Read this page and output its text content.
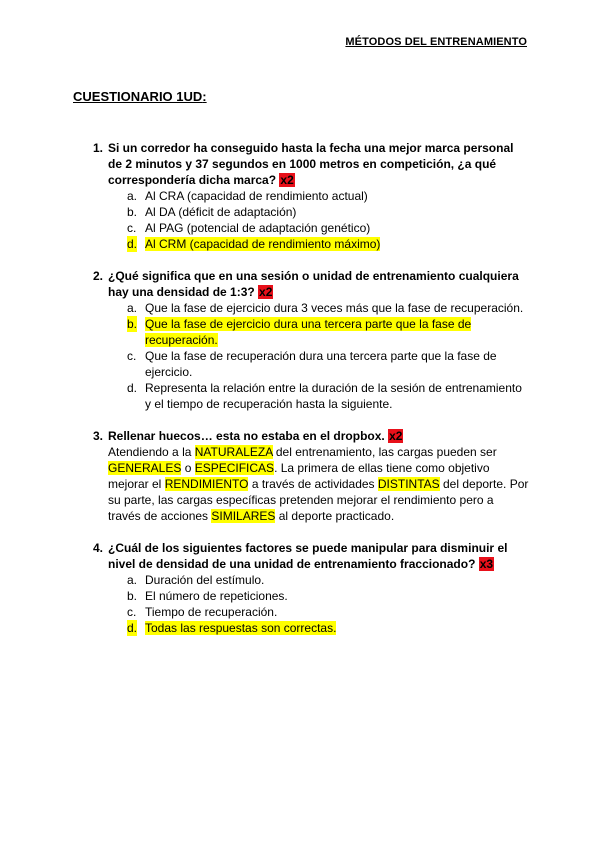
MÉTODOS DEL ENTRENAMIENTO
CUESTIONARIO 1UD:
1. Si un corredor ha conseguido hasta la fecha una mejor marca personal de 2 minutos y 37 segundos en 1000 metros en competición, ¿a qué correspondería dicha marca? x2
a. Al CRA (capacidad de rendimiento actual)
b. Al DA (déficit de adaptación)
c. Al PAG (potencial de adaptación genético)
d. Al CRM (capacidad de rendimiento máximo)
2. ¿Qué significa que en una sesión o unidad de entrenamiento cualquiera hay una densidad de 1:3? x2
a. Que la fase de ejercicio dura 3 veces más que la fase de recuperación.
b. Que la fase de ejercicio dura una tercera parte que la fase de recuperación.
c. Que la fase de recuperación dura una tercera parte que la fase de ejercicio.
d. Representa la relación entre la duración de la sesión de entrenamiento y el tiempo de recuperación hasta la siguiente.
3. Rellenar huecos… esta no estaba en el dropbox. x2
Atendiendo a la NATURALEZA del entrenamiento, las cargas pueden ser GENERALES o ESPECIFICAS. La primera de ellas tiene como objetivo mejorar el RENDIMIENTO a través de actividades DISTINTAS del deporte. Por su parte, las cargas específicas pretenden mejorar el rendimiento pero a través de acciones SIMILARES al deporte practicado.
4. ¿Cuál de los siguientes factores se puede manipular para disminuir el nivel de densidad de una unidad de entrenamiento fraccionado? x3
a. Duración del estímulo.
b. El número de repeticiones.
c. Tiempo de recuperación.
d. Todas las respuestas son correctas.
